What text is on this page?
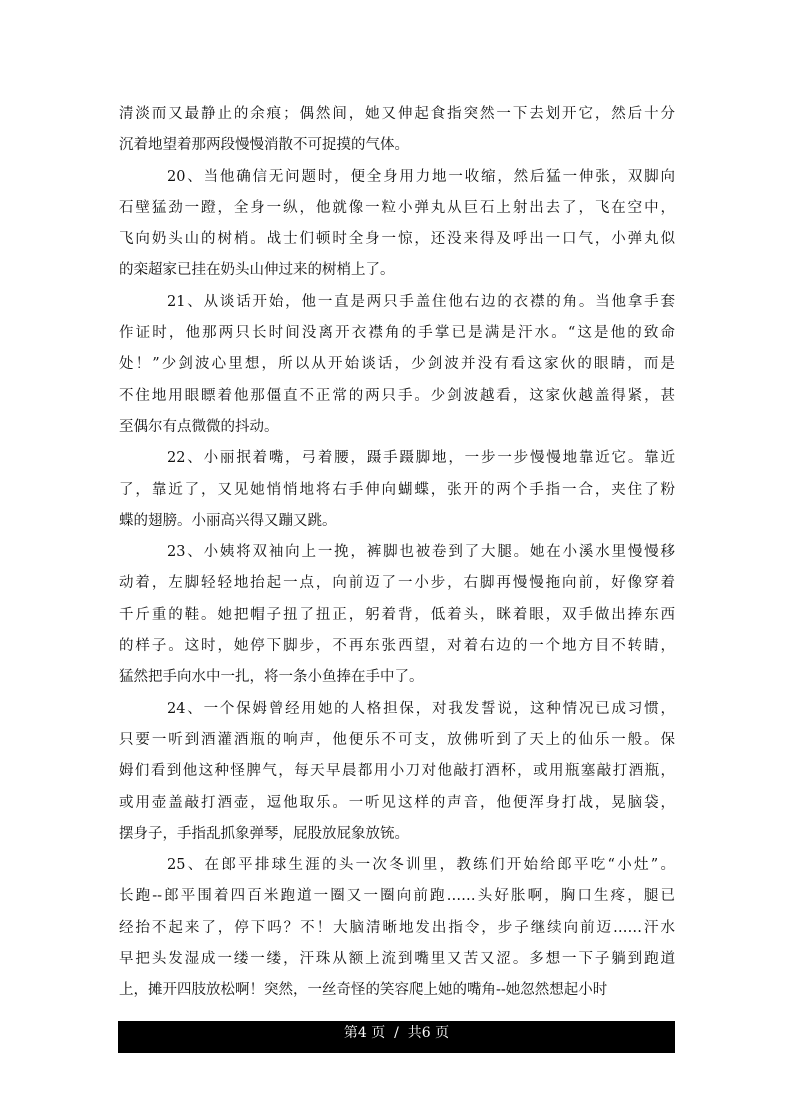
清淡而又最静止的余痕；偶然间，她又伸起食指突然一下去划开它，然后十分
沉着地望着那两段慢慢消散不可捉摸的气体。
20、当他确信无问题时，便全身用力地一收缩，然后猛一伸张，双脚向
石壁猛劲一蹬，全身一纵，他就像一粒小弹丸从巨石上射出去了，飞在空中，
飞向奶头山的树梢。战士们顿时全身一惊，还没来得及呼出一口气，小弹丸似
的栾超家已挂在奶头山伸过来的树梢上了。
21、从谈话开始，他一直是两只手盖住他右边的衣襟的角。当他拿手套
作证时，他那两只长时间没离开衣襟角的手掌已是满是汗水。“这是他的致命
处！”少剑波心里想，所以从开始谈话，少剑波并没有看这家伙的眼睛，而是
不住地用眼瞟着他那僵直不正常的两只手。少剑波越看，这家伙越盖得紧，甚
至偶尔有点微微的抖动。
22、小丽抿着嘴，弓着腰，蹑手蹑脚地，一步一步慢慢地靠近它。靠近
了，靠近了，又见她悄悄地将右手伸向蝴蝶，张开的两个手指一合，夹住了粉
蝶的翅膀。小丽高兴得又蹦又跳。
23、小姨将双袖向上一挽，裤脚也被卷到了大腿。她在小溪水里慢慢移
动着，左脚轻轻地抬起一点，向前迈了一小步，右脚再慢慢拖向前，好像穿着
千斤重的鞋。她把帽子扭了扭正，躬着背，低着头，眯着眼，双手做出捧东西
的样子。这时，她停下脚步，不再东张西望，对着右边的一个地方目不转睛，
猛然把手向水中一扎，将一条小鱼捧在手中了。
24、一个保姆曾经用她的人格担保，对我发誓说，这种情况已成习惯，
只要一听到酒灌酒瓶的响声，他便乐不可支，放佛听到了天上的仙乐一般。保
姆们看到他这种怪脾气，每天早晨都用小刀对他敲打酒杯，或用瓶塞敲打酒瓶，
或用壶盖敲打酒壶，逗他取乐。一听见这样的声音，他便浑身打战，晃脑袋，
摆身子，手指乱抓象弹琴，屁股放屁象放铳。
25、在郎平排球生涯的头一次冬训里，教练们开始给郎平吃“小灶”。
长跑--郎平围着四百米跑道一圈又一圈向前跑……头好胀啊，胸口生疼，腿已
经抬不起来了，停下吗？不！大脑清晰地发出指令，步子继续向前迈……汗水
早把头发湿成一缕一缕，汗珠从额上流到嘴里又苦又涩。多想一下子躺到跑道
上，摊开四肢放松啊！突然，一丝奇怪的笑容爬上她的嘴角--她忽然想起小时
第4 页  /  共6 页
